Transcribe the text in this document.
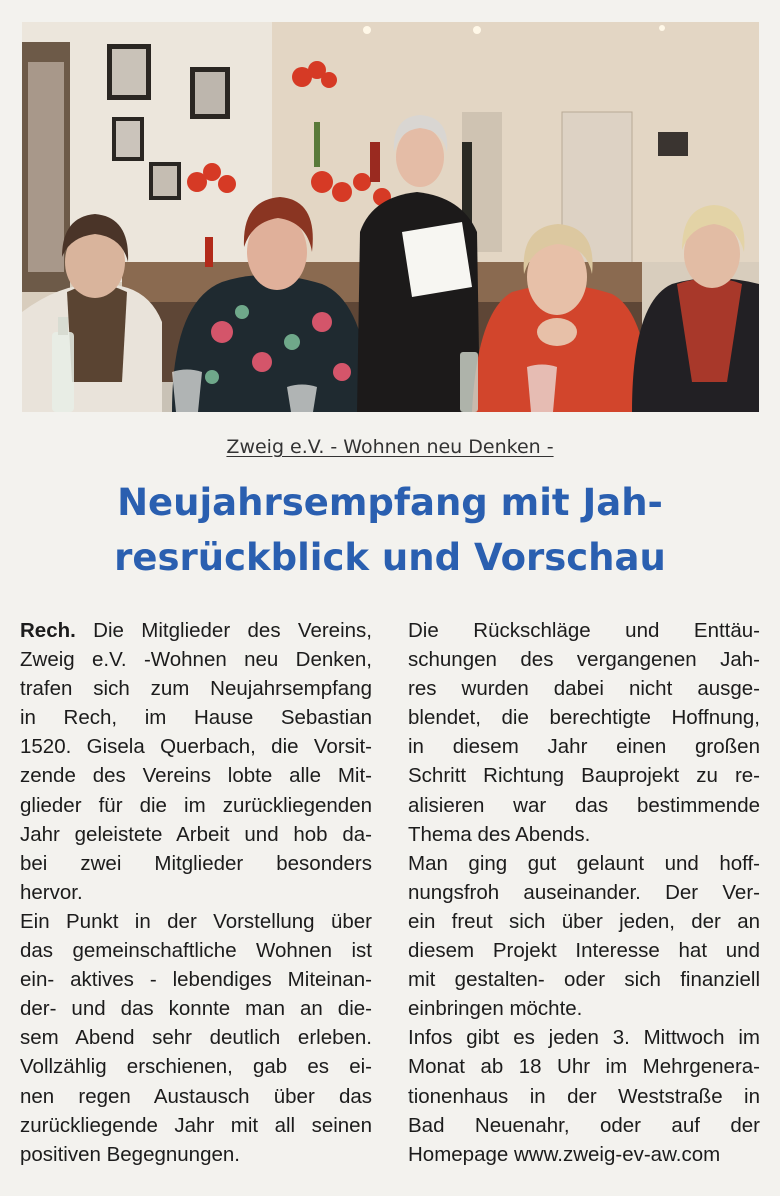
Zweig e.V. - Wohnen neu Denken -
Neujahrsempfang mit Jah-
resrückblick und Vorschau
Rech. Die Mitglieder des Vereins,
Zweig e.V. -Wohnen neu Denken,
trafen sich zum Neujahrsempfang
in Rech, im Hause Sebastian
1520. Gisela Querbach, die Vorsit-
zende des Vereins lobte alle Mit-
glieder für die im zurückliegenden
Jahr geleistete Arbeit und hob da-
bei zwei Mitglieder besonders
hervor.
Ein Punkt in der Vorstellung über
das gemeinschaftliche Wohnen ist
ein- aktives - lebendiges Miteinan-
der- und das konnte man an die-
sem Abend sehr deutlich erleben.
Vollzählig erschienen, gab es ei-
nen regen Austausch über das
zurückliegende Jahr mit all seinen
positiven Begegnungen.
Die Rückschläge und Enttäu-
schungen des vergangenen Jah-
res wurden dabei nicht ausge-
blendet, die berechtigte Hoffnung,
in diesem Jahr einen großen
Schritt Richtung Bauprojekt zu re-
alisieren war das bestimmende
Thema des Abends.
Man ging gut gelaunt und hoff-
nungsfroh auseinander. Der Ver-
ein freut sich über jeden, der an
diesem Projekt Interesse hat und
mit gestalten- oder sich finanziell
einbringen möchte.
Infos gibt es jeden 3. Mittwoch im
Monat ab 18 Uhr im Mehrgenera-
tionenhaus in der Weststraße in
Bad Neuenahr, oder auf der
Homepage www.zweig-ev-aw.com
